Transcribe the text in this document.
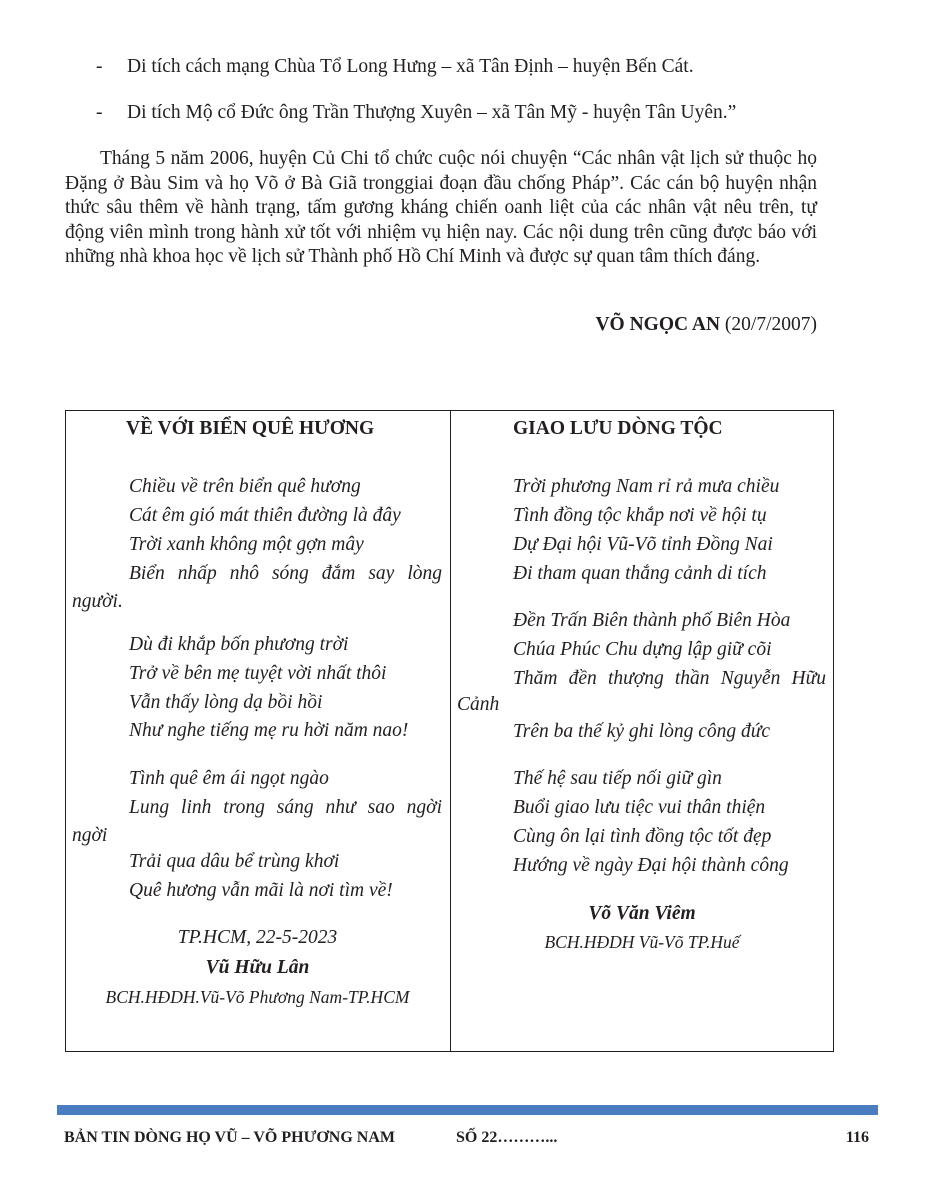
- Di tích cách mạng Chùa Tổ Long Hưng – xã Tân Định – huyện Bến Cát.
- Di tích Mộ cổ Đức ông Trần Thượng Xuyên – xã Tân Mỹ - huyện Tân Uyên.”
Tháng 5 năm 2006, huyện Củ Chi tổ chức cuộc nói chuyện “Các nhân vật lịch sử thuộc họ Đặng ở Bàu Sim và họ Võ ở Bà Giã tronggiai đoạn đầu chống Pháp”. Các cán bộ huyện nhận thức sâu thêm về hành trạng, tấm gương kháng chiến oanh liệt của các nhân vật nêu trên, tự động viên mình trong hành xử tốt với nhiệm vụ hiện nay. Các nội dung trên cũng được báo với những nhà khoa học về lịch sử Thành phố Hồ Chí Minh và được sự quan tâm thích đáng.
VÕ NGỌC AN (20/7/2007)
VỀ VỚI BIỂN QUÊ HƯƠNG
Chiều về trên biển quê hương
Cát êm gió mát thiên đường là đây
Trời xanh không một gợn mây
Biển nhấp nhô sóng đắm say lòng
người.
Dù đi khắp bốn phương trời
Trở về bên mẹ tuyệt vời nhất thôi
Vẫn thấy lòng dạ bồi hồi
Như nghe tiếng mẹ ru hời năm nao!
Tình quê êm ái ngọt ngào
Lung linh trong sáng như sao ngời
ngời
Trải qua dâu bể trùng khơi
Quê hương vẫn mãi là nơi tìm về!
TP.HCM, 22-5-2023
Vũ Hữu Lân
BCH.HĐDH.Vũ-Võ Phương Nam-TP.HCM
GIAO LƯU DÒNG TỘC
Trời phương Nam rỉ rả mưa chiều
Tình đồng tộc khắp nơi về hội tụ
Dự Đại hội Vũ-Võ tỉnh Đồng Nai
Đi tham quan thắng cảnh di tích
Đền Trấn Biên thành phố Biên Hòa
Chúa Phúc Chu dựng lập giữ cõi
Thăm đền thượng thần Nguyễn Hữu
Cảnh
Trên ba thế kỷ ghi lòng công đức
Thế hệ sau tiếp nối giữ gìn
Buổi giao lưu tiệc vui thân thiện
Cùng ôn lại tình đồng tộc tốt đẹp
Hướng về ngày Đại hội thành công
Võ Văn Viêm
BCH.HĐDH Vũ-Võ TP.Huế
BẢN TIN DÒNG HỌ VŨ – VÕ PHƯƠNG NAM	SỐ 22………...	116
